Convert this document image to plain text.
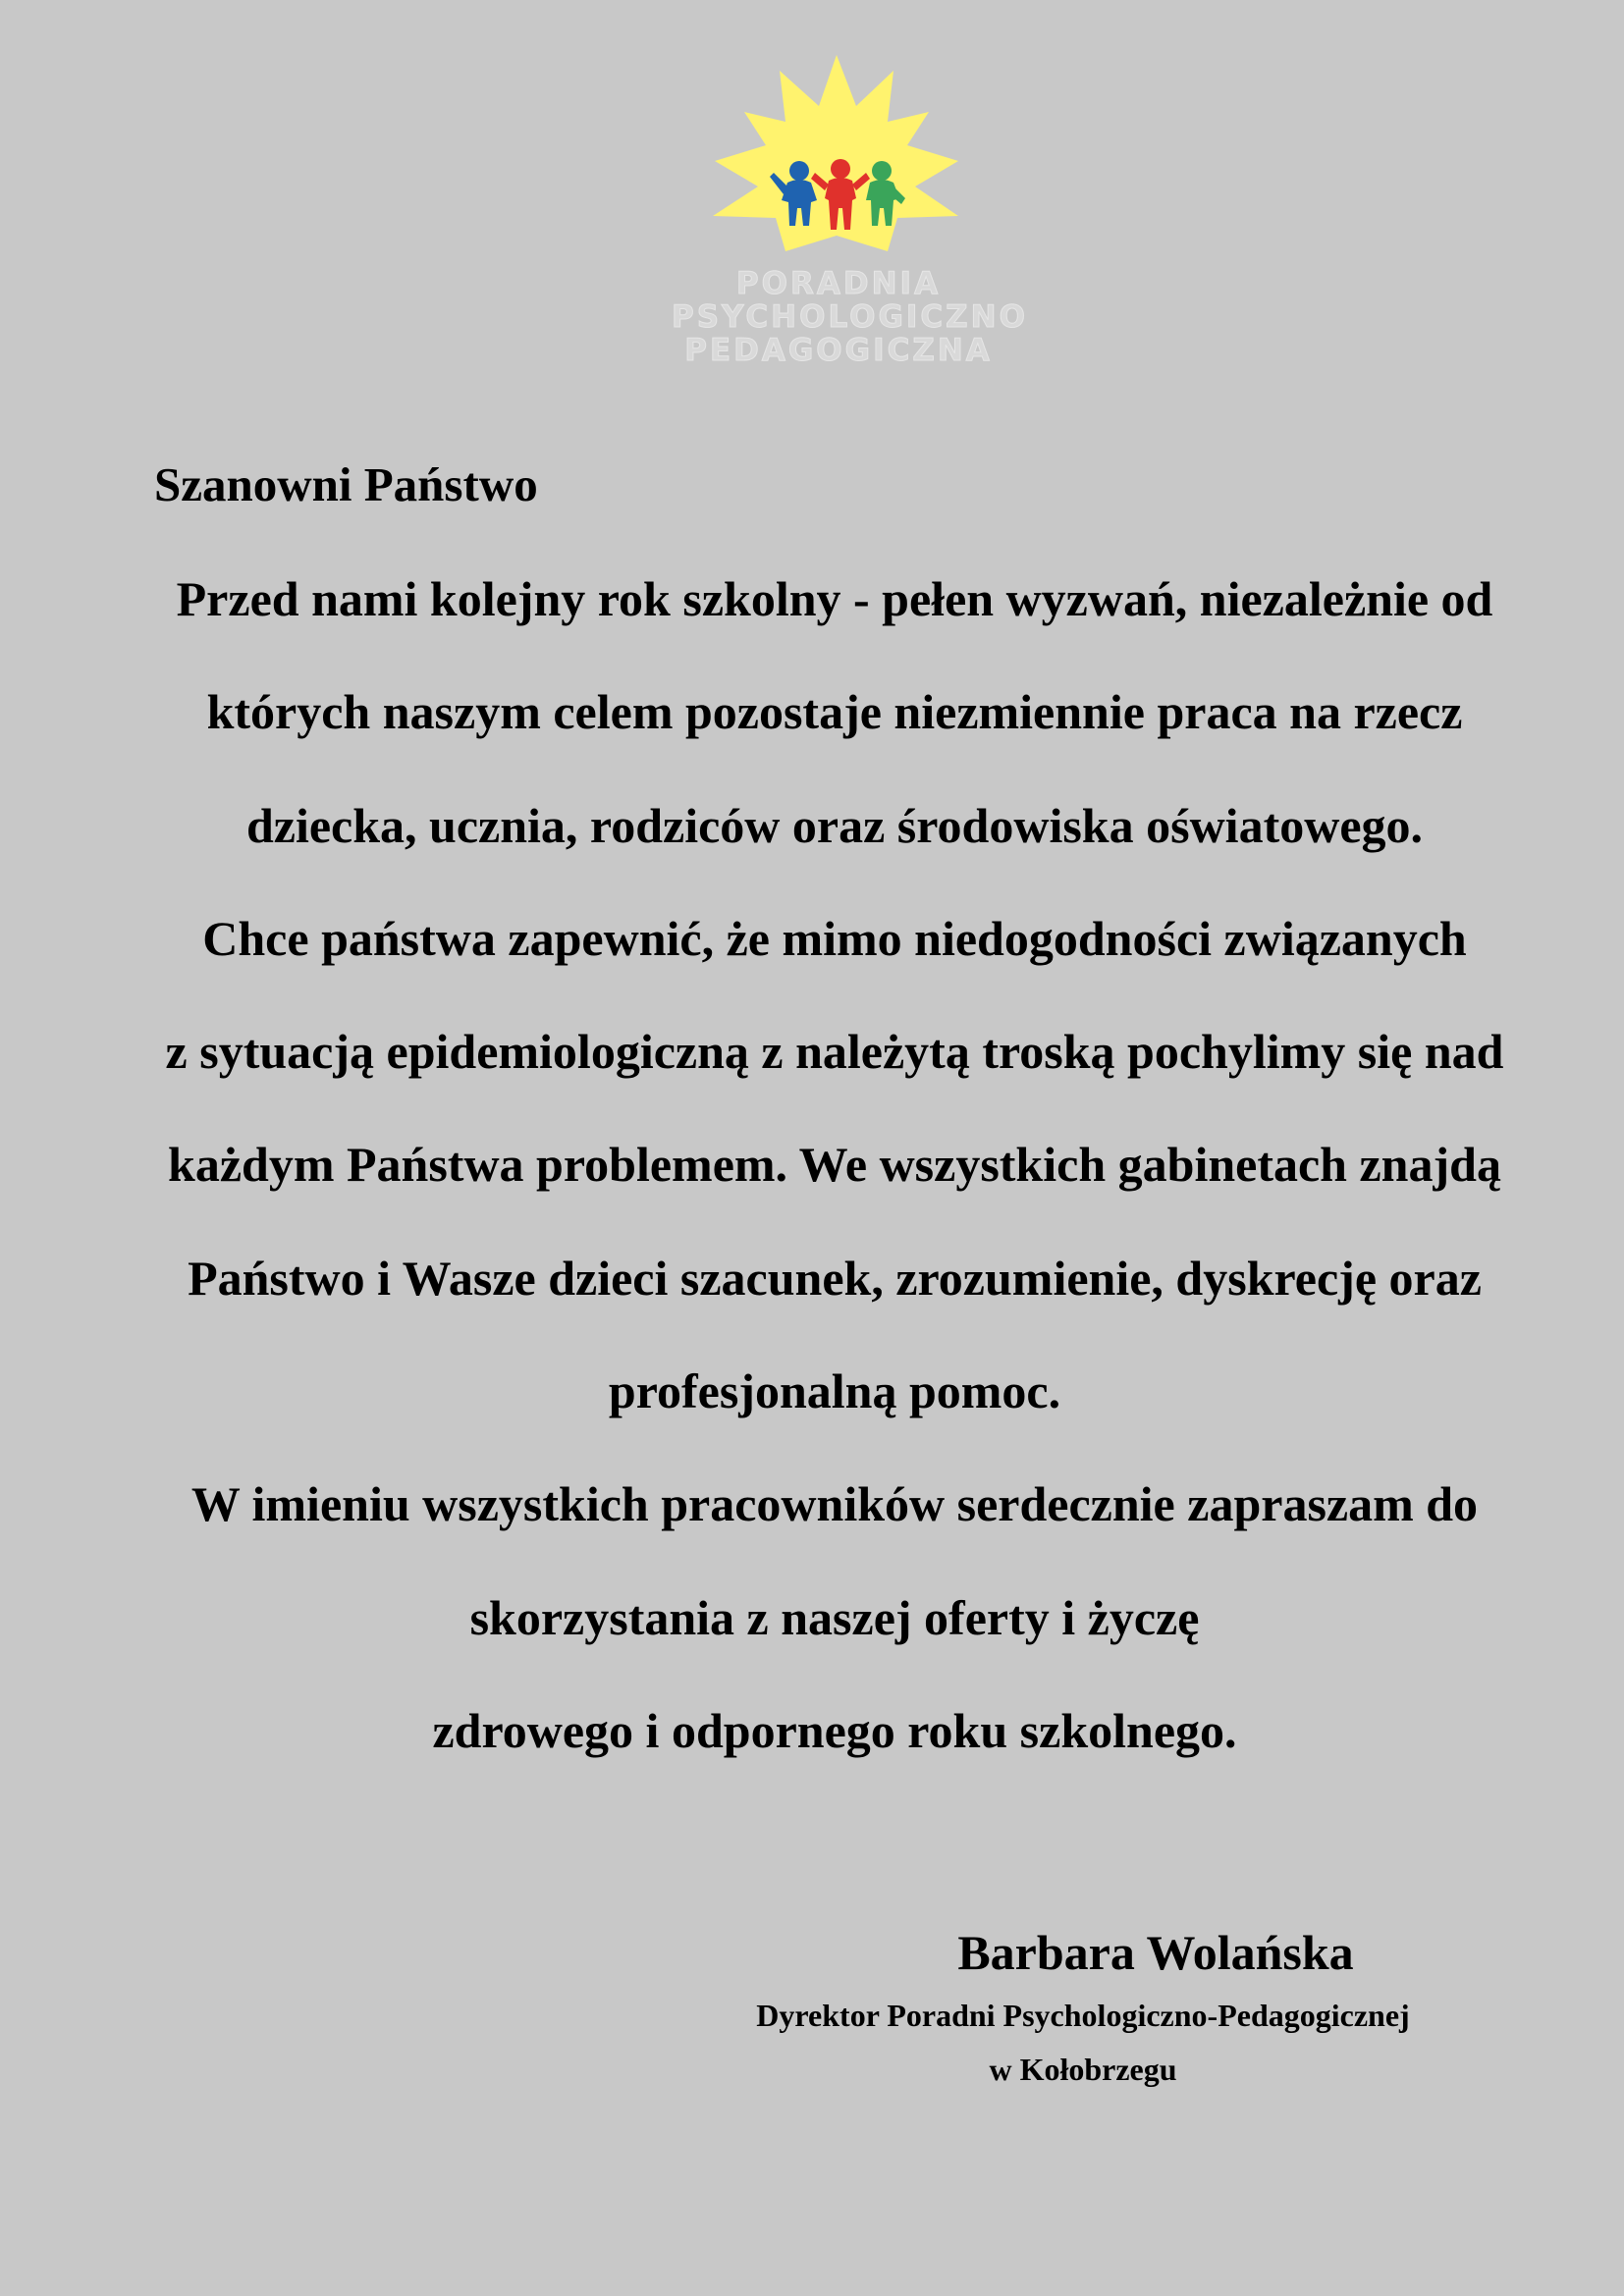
PORADNIA
PSYCHOLOGICZNO
PEDAGOGICZNA
Szanowni Państwo
Przed nami kolejny rok szkolny - pełen wyzwań, niezależnie od
których naszym celem pozostaje niezmiennie praca na rzecz
dziecka, ucznia, rodziców oraz środowiska oświatowego.
Chce państwa zapewnić, że mimo niedogodności związanych
z sytuacją epidemiologiczną z należytą troską pochylimy się nad
każdym Państwa problemem. We wszystkich gabinetach znajdą
Państwo i Wasze dzieci szacunek, zrozumienie, dyskrecję oraz
profesjonalną pomoc.
W imieniu wszystkich pracowników serdecznie zapraszam do
skorzystania z naszej oferty i życzę
zdrowego i odpornego roku szkolnego.
Barbara Wolańska
Dyrektor Poradni Psychologiczno-Pedagogicznej
w Kołobrzegu
